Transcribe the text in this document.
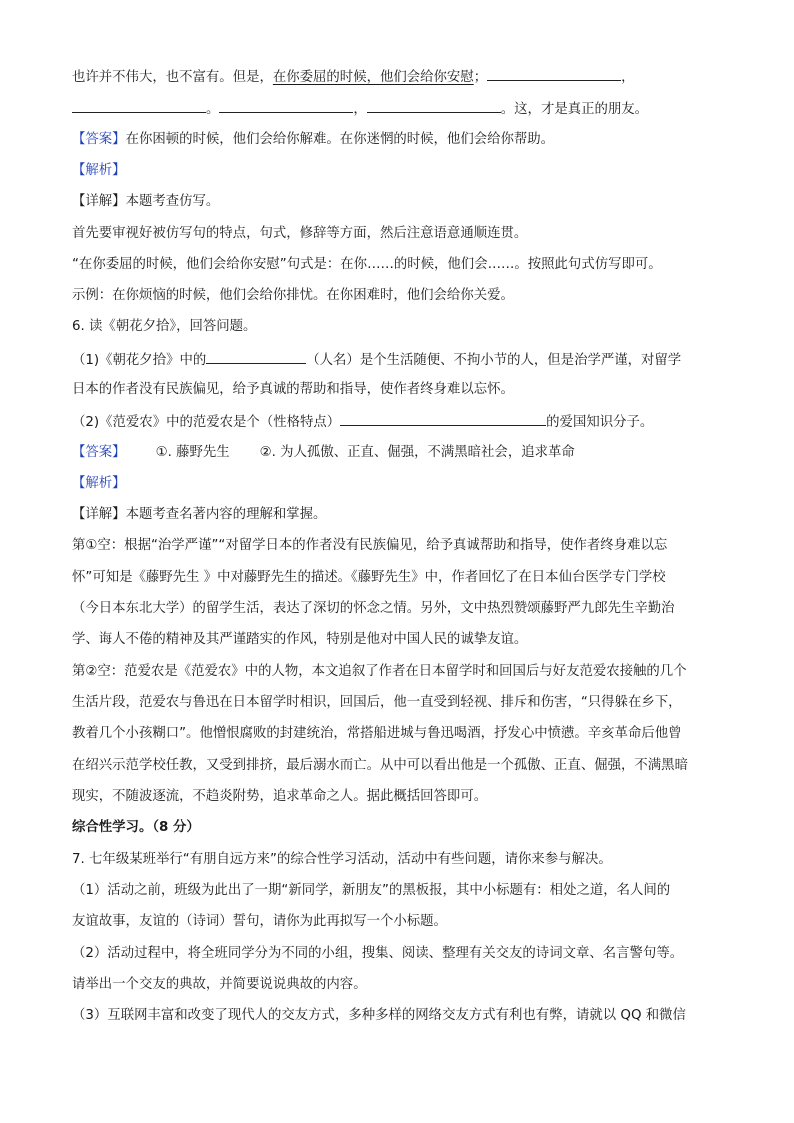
也许并不伟大，也不富有。但是，在你委屈的时候，他们会给你安慰；	，
。	，	。这，才是真正的朋友。
【答案】在你困顿的时候，他们会给你解难。在你迷惘的时候，他们会给你帮助。
【解析】
【详解】本题考查仿写。
首先要审视好被仿写句的特点，句式，修辞等方面，然后注意语意通顺连贯。
“在你委屈的时候，他们会给你安慰”句式是：在你……的时候，他们会……。按照此句式仿写即可。
示例：在你烦恼的时候，他们会给你排忧。在你困难时，他们会给你关爱。
6. 读《朝花夕拾》，回答问题。
（1)《朝花夕拾》中的	（人名）是个生活随便、不拘小节的人，但是治学严谨，对留学
日本的作者没有民族偏见，给予真诚的帮助和指导，使作者终身难以忘怀。
（2)《范爱农》中的范爱农是个（性格特点）	的爱国知识分子。
【答案】 ①. 藤野先生 ②. 为人孤傲、正直、倔强，不满黑暗社会，追求革命
【解析】
【详解】本题考查名著内容的理解和掌握。
第①空：根据“治学严谨”“对留学日本的作者没有民族偏见，给予真诚帮助和指导，使作者终身难以忘
怀”可知是《藤野先生 》中对藤野先生的描述。《藤野先生》中，作者回忆了在日本仙台医学专门学校
（今日本东北大学）的留学生活，表达了深切的怀念之情。另外，文中热烈赞颂藤野严九郎先生辛勤治
学、诲人不倦的精神及其严谨踏实的作风，特别是他对中国人民的诚挚友谊。
第②空：范爱农是《范爱农》中的人物，本文追叙了作者在日本留学时和回国后与好友范爱农接触的几个
生活片段，范爱农与鲁迅在日本留学时相识，回国后，他一直受到轻视、排斥和伤害，“只得躲在乡下，
教着几个小孩糊口”。他憎恨腐败的封建统治，常搭船进城与鲁迅喝酒，抒发心中愤懑。辛亥革命后他曾
在绍兴示范学校任教，又受到排挤，最后溺水而亡。从中可以看出他是一个孤傲、正直、倔强，不满黑暗
现实，不随波逐流，不趋炎附势，追求革命之人。据此概括回答即可。
综合性学习。（8 分）
7. 七年级某班举行“有朋自远方来”的综合性学习活动，活动中有些问题，请你来参与解决。
（1）活动之前，班级为此出了一期“新同学，新朋友”的黑板报，其中小标题有：相处之道，名人间的
友谊故事，友谊的（诗词）誓句，请你为此再拟写一个小标题。
（2）活动过程中，将全班同学分为不同的小组，搜集、阅读、整理有关交友的诗词文章、名言警句等。
请举出一个交友的典故，并简要说说典故的内容。
（3）互联网丰富和改变了现代人的交友方式，多种多样的网络交友方式有利也有弊，请就以 QQ 和微信
